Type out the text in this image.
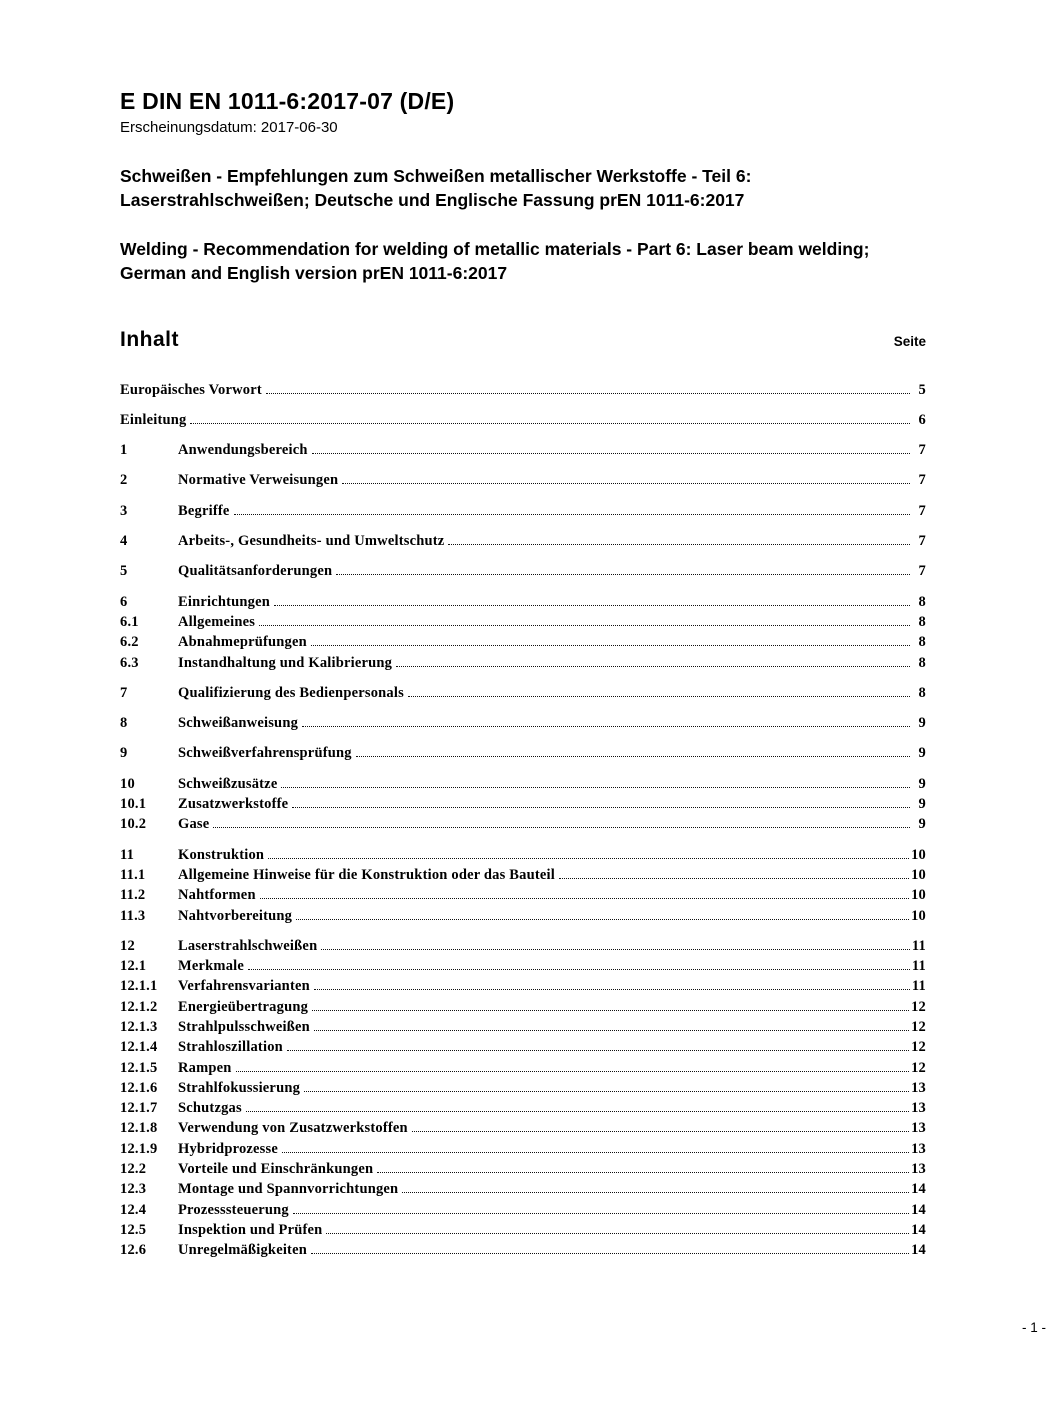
E DIN EN 1011-6:2017-07 (D/E)
Erscheinungsdatum: 2017-06-30

Schweißen - Empfehlungen zum Schweißen metallischer Werkstoffe - Teil 6: Laserstrahlschweißen; Deutsche und Englische Fassung prEN 1011-6:2017

Welding - Recommendation for welding of metallic materials - Part 6: Laser beam welding; German and English version prEN 1011-6:2017

Inhalt	Seite
Europäisches Vorwort	5
Einleitung	6
1	Anwendungsbereich	7
2	Normative Verweisungen	7
3	Begriffe	7
4	Arbeits-, Gesundheits- und Umweltschutz	7
5	Qualitätsanforderungen	7
6	Einrichtungen	8
6.1	Allgemeines	8
6.2	Abnahmeprüfungen	8
6.3	Instandhaltung und Kalibrierung	8
7	Qualifizierung des Bedienpersonals	8
8	Schweißanweisung	9
9	Schweißverfahrensprüfung	9
10	Schweißzusätze	9
10.1	Zusatzwerkstoffe	9
10.2	Gase	9
11	Konstruktion	10
11.1	Allgemeine Hinweise für die Konstruktion oder das Bauteil	10
11.2	Nahtformen	10
11.3	Nahtvorbereitung	10
12	Laserstrahlschweißen	11
12.1	Merkmale	11
12.1.1	Verfahrensvarianten	11
12.1.2	Energieübertragung	12
12.1.3	Strahlpulsschweißen	12
12.1.4	Strahloszillation	12
12.1.5	Rampen	12
12.1.6	Strahlfokussierung	13
12.1.7	Schutzgas	13
12.1.8	Verwendung von Zusatzwerkstoffen	13
12.1.9	Hybridprozesse	13
12.2	Vorteile und Einschränkungen	13
12.3	Montage und Spannvorrichtungen	14
12.4	Prozesssteuerung	14
12.5	Inspektion und Prüfen	14
12.6	Unregelmäßigkeiten	14
- 1 -
